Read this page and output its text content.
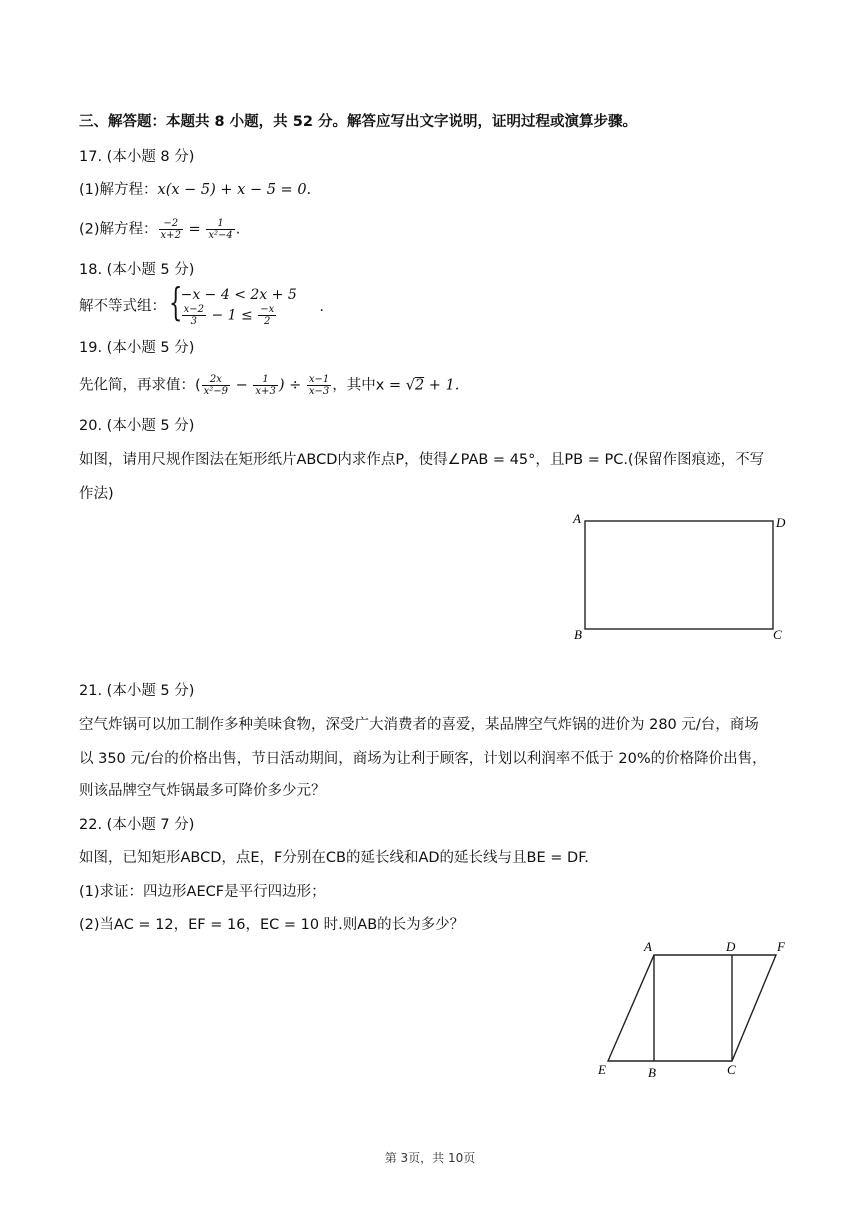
三、解答题：本题共 8 小题，共 52 分。解答应写出文字说明，证明过程或演算步骤。
17. (本小题 8 分)
(1)解方程：x(x − 5) + x − 5 = 0.
(2)解方程： $\frac{-2}{x+2} = \frac{1}{\text{x²−4}}$ .
18. (本小题 5 分)
解不等式组： {
−x − 4 < 2x + 5
$\frac{x-2}{3} - 1 \le \frac{-x}{2}$	.
19. (本小题 5 分)
先化简，再求值：( $\frac{2x}{\text{x²−9}} - \frac{1}{x+3}$ ) ÷ $\frac{x-1}{x-3}$ ，其中x = √2 + 1.
20. (本小题 5 分)
如图，请用尺规作图法在矩形纸片ABCD内求作点P，使得∠PAB = 45°，且PB = PC.(保留作图痕迹，不写
作法)
A	D
B	C
21. (本小题 5 分)
空气炸锅可以加工制作多种美味食物，深受广大消费者的喜爱，某品牌空气炸锅的进价为 280 元/台，商场
以 350 元/台的价格出售，节日活动期间，商场为让利于顾客，计划以利润率不低于 20%的价格降价出售，
则该品牌空气炸锅最多可降价多少元？
22. (本小题 7 分)
如图，已知矩形ABCD，点E，F分别在CB的延长线和AD的延长线与且BE = DF.
(1)求证：四边形AECF是平行四边形；
(2)当AC = 12，EF = 16，EC = 10 时.则AB的长为多少？
A	D	F
E	B	C
第 3页，共 10页
